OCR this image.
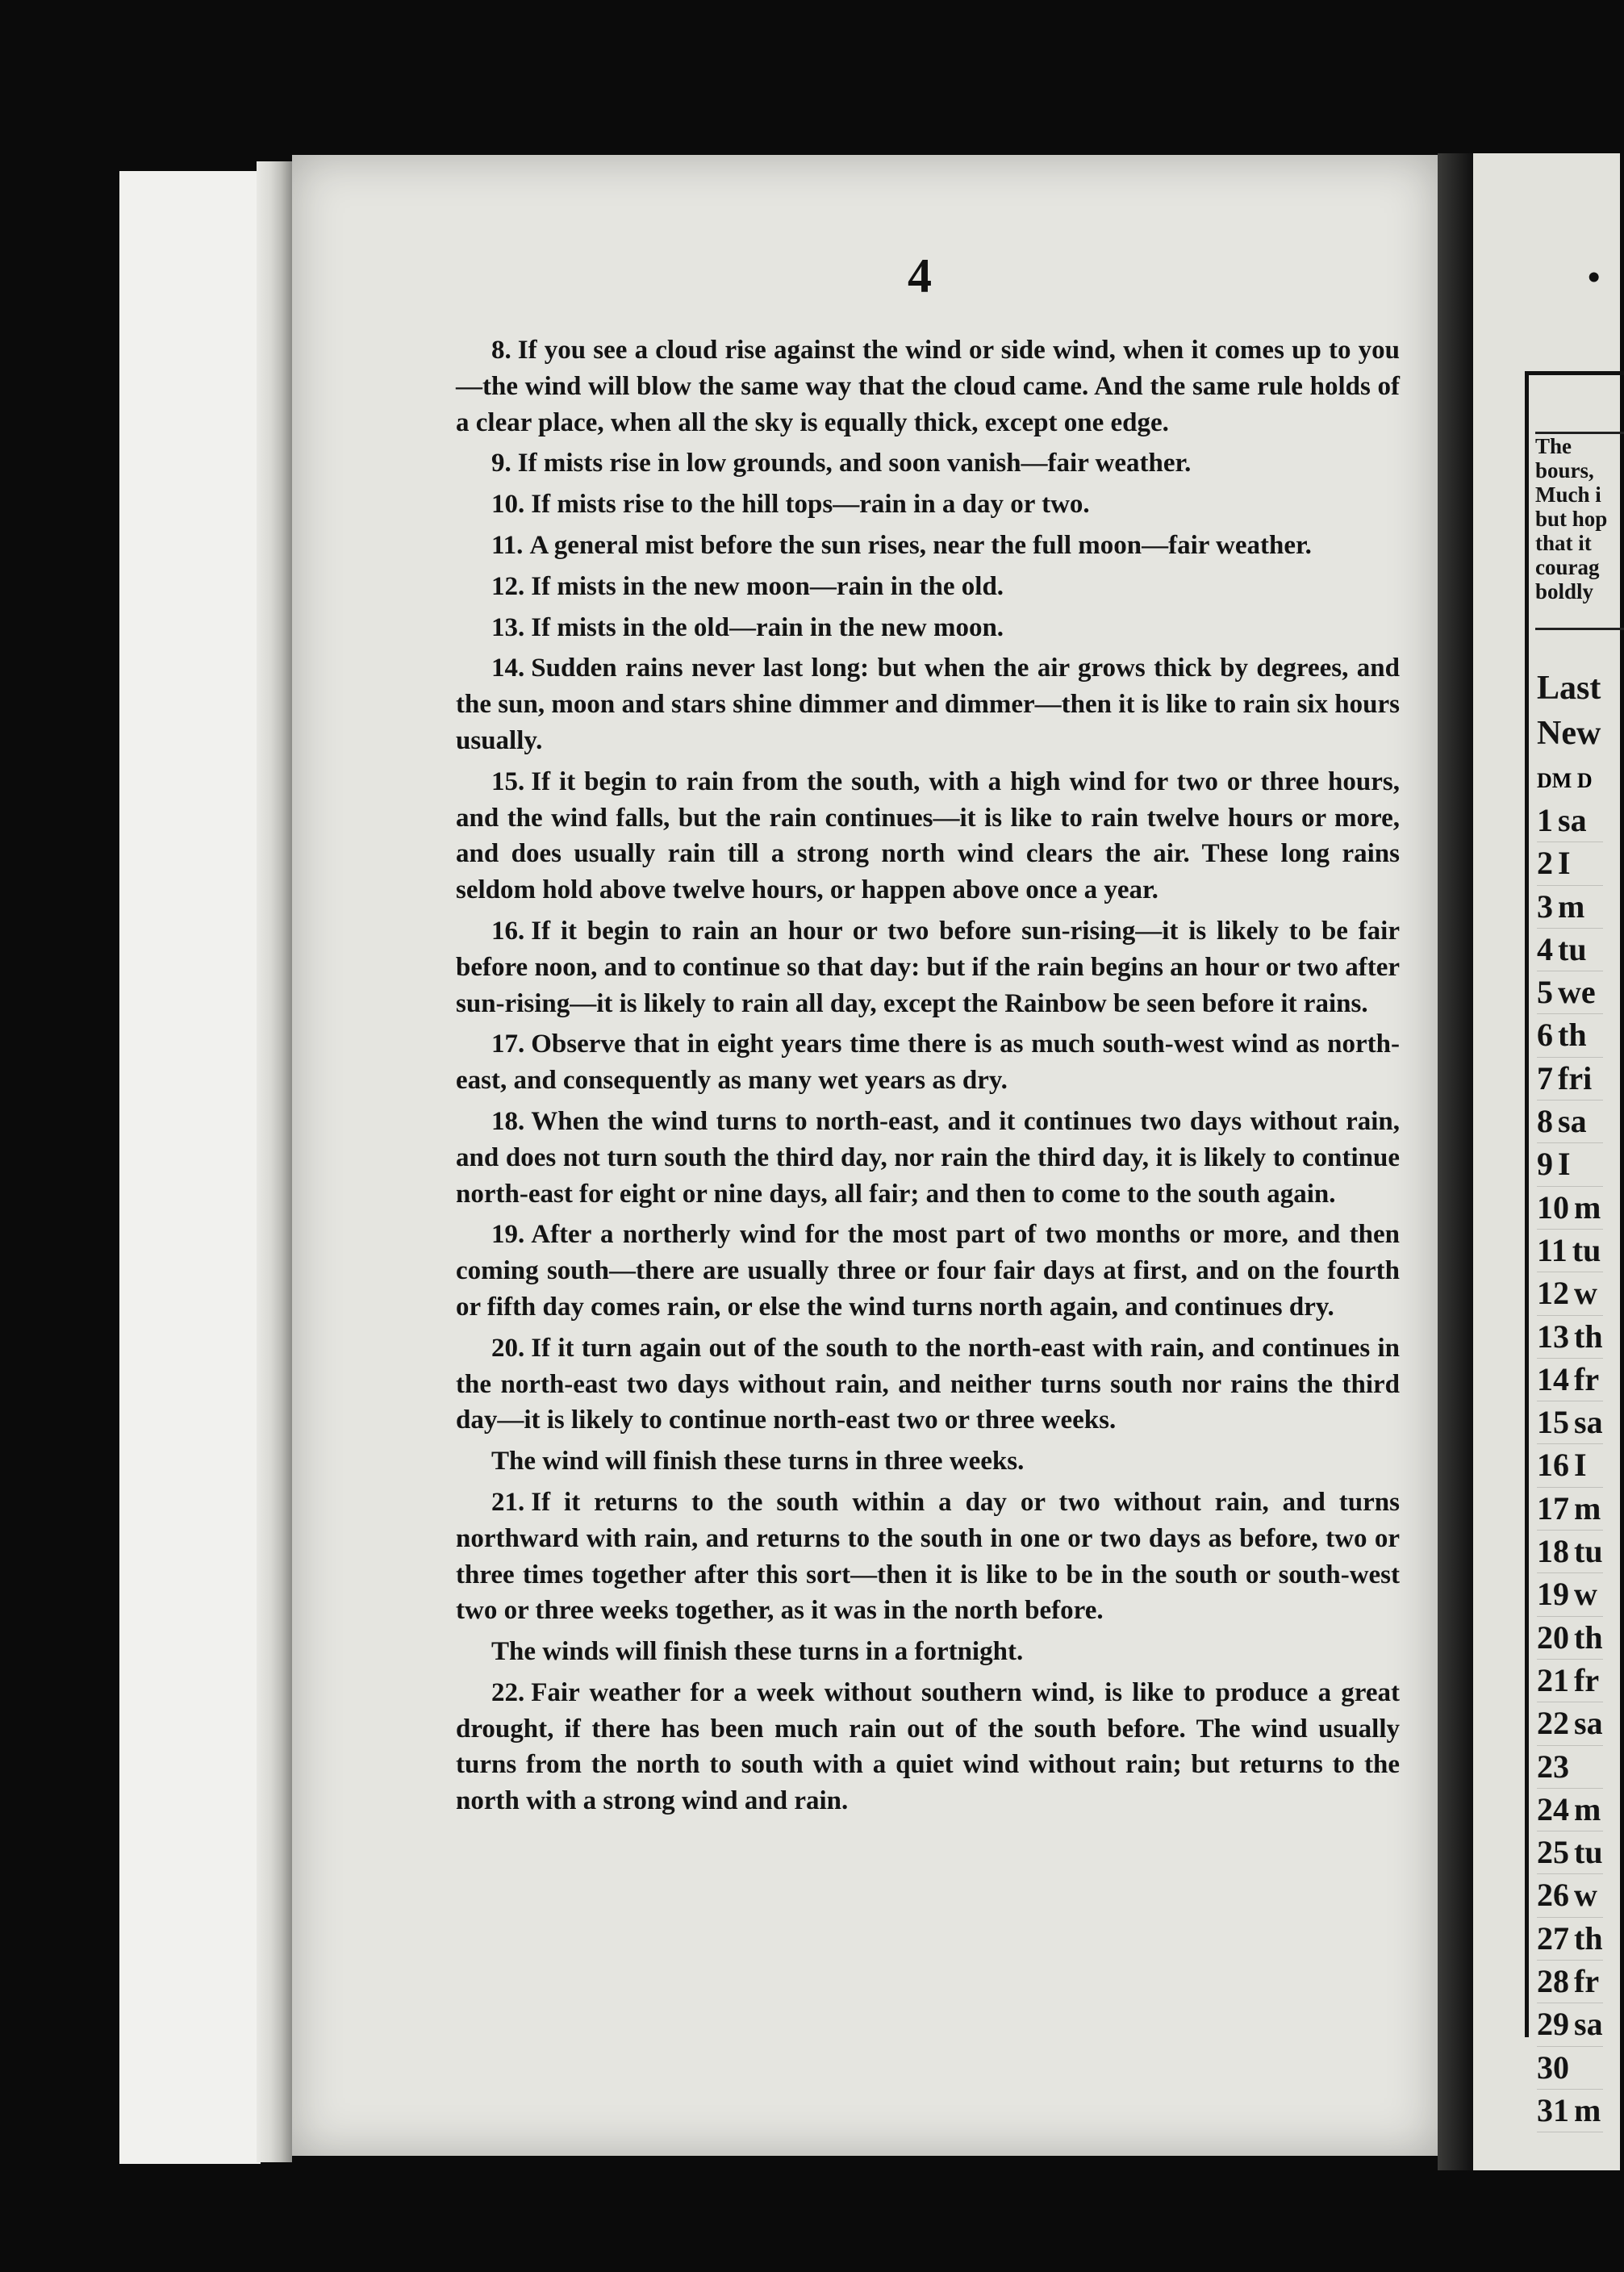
4

8. If you see a cloud rise against the wind or side wind, when it comes up to you—the wind will blow the same way that the cloud came. And the same rule holds of a clear place, when all the sky is equally thick, except one edge.

9. If mists rise in low grounds, and soon vanish—fair weather.

10. If mists rise to the hill tops—rain in a day or two.

11. A general mist before the sun rises, near the full moon—fair weather.

12. If mists in the new moon—rain in the old.

13. If mists in the old—rain in the new moon.

14. Sudden rains never last long: but when the air grows thick by degrees, and the sun, moon and stars shine dimmer and dimmer—then it is like to rain six hours usually.

15. If it begin to rain from the south, with a high wind for two or three hours, and the wind falls, but the rain continues—it is like to rain twelve hours or more, and does usually rain till a strong north wind clears the air. These long rains seldom hold above twelve hours, or happen above once a year.

16. If it begin to rain an hour or two before sun-rising—it is likely to be fair before noon, and to continue so that day: but if the rain begins an hour or two after sun-rising—it is likely to rain all day, except the Rainbow be seen before it rains.

17. Observe that in eight years time there is as much south-west wind as north-east, and consequently as many wet years as dry.

18. When the wind turns to north-east, and it continues two days without rain, and does not turn south the third day, nor rain the third day, it is likely to continue north-east for eight or nine days, all fair; and then to come to the south again.

19. After a northerly wind for the most part of two months or more, and then coming south—there are usually three or four fair days at first, and on the fourth or fifth day comes rain, or else the wind turns north again, and continues dry.

20. If it turn again out of the south to the north-east with rain, and continues in the north-east two days without rain, and neither turns south nor rains the third day—it is likely to continue north-east two or three weeks.

The wind will finish these turns in three weeks.

21. If it returns to the south within a day or two without rain, and turns northward with rain, and returns to the south in one or two days as before, two or three times together after this sort—then it is like to be in the south or south-west two or three weeks together, as it was in the north before.

The winds will finish these turns in a fortnight.

22. Fair weather for a week without southern wind, is like to produce a great drought, if there has been much rain out of the south before. The wind usually turns from the north to south with a quiet wind without rain; but returns to the north with a strong wind and rain.

•

The

bours,

Much i

but hop

that it

courag

boldly

Last

New

DM D
1 sa
2 I
3 m
4 tu
5 we
6 th
7 fri
8 sa
9 I
10 m
11 tu
12 w
13 th
14 fr
15 sa
16 I
17 m
18 tu
19 w
20 th
21 fr
22 sa
23
24 m
25 tu
26 w
27 th
28 fr
29 sa
30
31 m
